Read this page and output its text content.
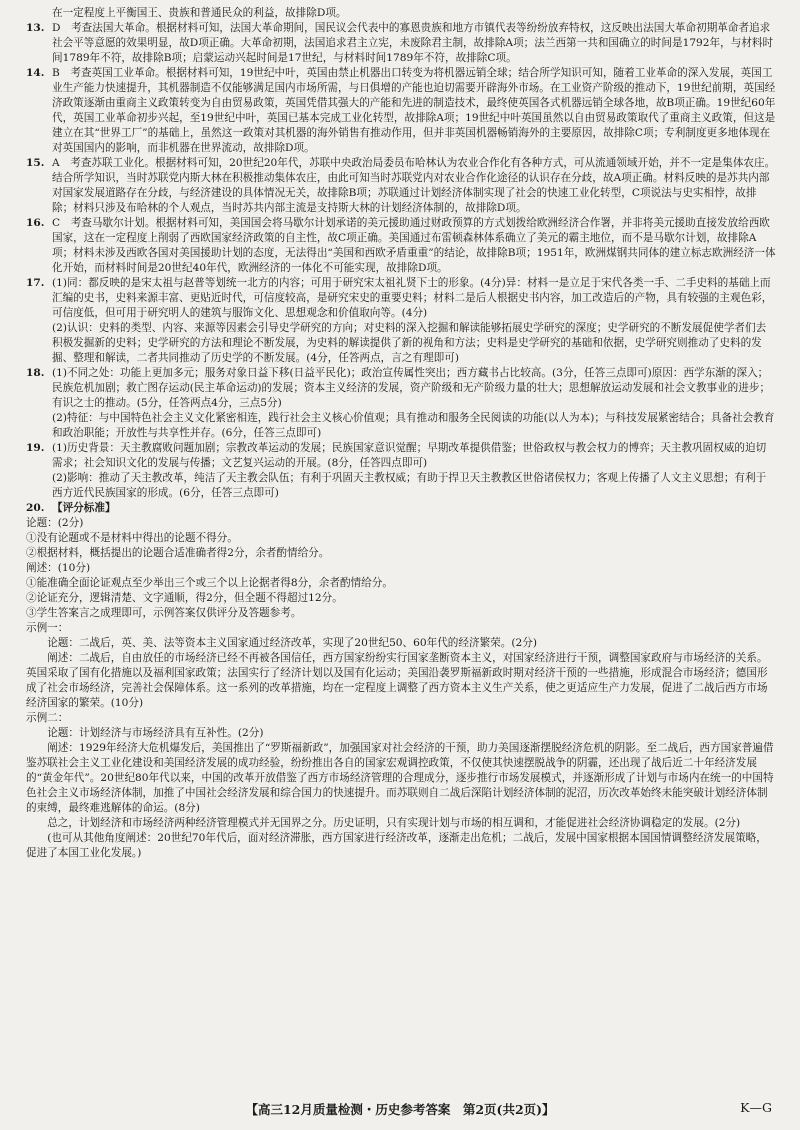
在一定程度上平衡国王、贵族和普通民众的利益，故排除D项。
13. D　考查法国大革命。根据材料可知，法国大革命期间，国民议会代表中的寡恩贵族和地方市镇代表等纷纷放弃特权，这反映出法国大革命初期革命者追求社会平等意愿的效果明显，故D项正确。大革命初期，法国追求君主立宪，未废除君主制，故排除A项；法兰西第一共和国确立的时间是1792年，与材料时间1789年不符，故排除B项；启蒙运动兴起时间是17世纪，与材料时间1789年不符，故排除C项。
14. B　考查英国工业革命。根据材料可知，19世纪中叶，英国由禁止机器出口转变为将机器远销全球；结合所学知识可知，随着工业革命的深入发展，英国工业生产能力快速提升，其机器制造不仅能够满足国内市场所需，与日俱增的产能也迫切需要开辟海外市场。在工业资产阶级的推动下，19世纪前期，英国经济政策逐渐由重商主义政策转变为自由贸易政策，英国凭借其强大的产能和先进的制造技术，最终使英国各式机器远销全球各地，故B项正确。19世纪60年代，英国工业革命初步兴起，至19世纪中叶，英国已基本完成工业化转型，故排除A项；19世纪中叶英国虽然以自由贸易政策取代了重商主义政策，但这是建立在其“世界工厂”的基础上，虽然这一政策对其机器的海外销售有推动作用，但并非英国机器畅销海外的主要原因，故排除C项；专利制度更多地体现在对英国国内的影响，而非机器在世界流动，故排除D项。
15. A　考查苏联工业化。根据材料可知，20世纪20年代，苏联中央政治局委员布哈林认为农业合作化有各种方式，可从流通领域开始，并不一定是集体农庄。结合所学知识，当时苏联党内斯大林在积极推动集体农庄，由此可知当时苏联党内对农业合作化途径的认识存在分歧，故A项正确。材料反映的是苏共内部对国家发展道路存在分歧，与经济建设的具体情况无关，故排除B项；苏联通过计划经济体制实现了社会的快速工业化转型，C项说法与史实相悖，故排除；材料只涉及布哈林的个人观点，当时苏共内部主流是支持斯大林的计划经济体制的，故排除D项。
16. C　考查马歇尔计划。根据材料可知，美国国会将马歇尔计划承诺的美元援助通过财政预算的方式划拨给欧洲经济合作署，并非将美元援助直接发放给西欧国家，这在一定程度上削弱了西欧国家经济政策的自主性，故C项正确。美国通过布雷顿森林体系确立了美元的霸主地位，而不是马歇尔计划，故排除A项；材料未涉及西欧各国对美国援助计划的态度，无法得出“美国和西欧矛盾重重”的结论，故排除B项；1951年，欧洲煤钢共同体的建立标志欧洲经济一体化开始，而材料时间是20世纪40年代，欧洲经济的一体化不可能实现，故排除D项。
17. (1)同：都反映的是宋太祖与赵普等划统一北方的内容；可用于研究宋太祖礼贤下士的形象。(4分)异：材料一是立足于宋代各类一手、二手史料的基础上而汇编的史书，史料来源丰富、更贴近时代，可信度较高，是研究宋史的重要史料；材料二是后人根据史书内容，加工改造后的产物，具有较强的主观色彩，可信度低，但可用于研究明人的建筑与服饰文化、思想观念和价值取向等。(4分)
(2)认识：史料的类型、内容、来源等因素会引导史学研究的方向；对史料的深入挖掘和解读能够拓展史学研究的深度；史学研究的不断发展促使学者们去积极发掘新的史料；史学研究的方法和理论不断发展，为史料的解读提供了新的视角和方法；史料是史学研究的基础和依据，史学研究则推动了史料的发掘、整理和解读，二者共同推动了历史学的不断发展。(4分，任答两点，言之有理即可)
18. (1)不同之处：功能上更加多元；服务对象日益下移(日益平民化)；政治宣传属性突出；西方藏书占比较高。(3分，任答三点即可)原因：西学东渐的深入；民族危机加剧；救亡图存运动(民主革命运动)的发展；资本主义经济的发展，资产阶级和无产阶级力量的壮大；思想解放运动发展和社会文教事业的进步；有识之士的推动。(5分，任答两点4分，三点5分)
(2)特征：与中国特色社会主义文化紧密相连，践行社会主义核心价值观；具有推动和服务全民阅读的功能(以人为本)；与科技发展紧密结合；具备社会教育和政治职能；开放性与共享性并存。(6分，任答三点即可)
19. (1)历史背景：天主教腐败问题加剧；宗教改革运动的发展；民族国家意识觉醒；早期改革提供借鉴；世俗政权与教会权力的博弈；天主教巩固权威的迫切需求；社会知识文化的发展与传播；文艺复兴运动的开展。(8分，任答四点即可)
(2)影响：推动了天主教改革，纯洁了天主教会队伍；有利于巩固天主教权威；有助于捍卫天主教教区世俗诸侯权力；客观上传播了人文主义思想；有利于西方近代民族国家的形成。(6分，任答三点即可)
20. 【评分标准】
论题：(2分)
①没有论题或不是材料中得出的论题不得分。
②根据材料，概括提出的论题合适准确者得2分，余者酌情给分。
阐述：(10分)
①能准确全面论证观点至少举出三个或三个以上论据者得8分，余者酌情给分。
②论证充分，逻辑清楚、文字通顺，得2分，但全题不得超过12分。
③学生答案言之成理即可，示例答案仅供评分及答题参考。
示例一：
论题：二战后，英、美、法等资本主义国家通过经济改革，实现了20世纪50、60年代的经济繁荣。(2分)
阐述：二战后，自由放任的市场经济已经不再被各国信任，西方国家纷纷实行国家垄断资本主义，对国家经济进行干预，调整国家政府与市场经济的关系。英国采取了国有化措施以及福利国家政策；法国实行了经济计划以及国有化运动；美国沿袭罗斯福新政时期对经济干预的一些措施，形成混合市场经济；德国形成了社会市场经济，完善社会保障体系。这一系列的改革措施，均在一定程度上调整了西方资本主义生产关系，使之更适应生产力发展，促进了二战后西方市场经济国家的繁荣。(10分)
示例二：
论题：计划经济与市场经济具有互补性。(2分)
阐述：1929年经济大危机爆发后，美国推出了“罗斯福新政”，加强国家对社会经济的干预，助力美国逐渐摆脱经济危机的阴影。至二战后，西方国家普遍借鉴苏联社会主义工业化建设和美国经济发展的成功经验，纷纷推出各自的国家宏观调控政策，不仅使其快速摆脱战争的阴霾，还出现了战后近二十年经济发展的“黄金年代”。20世纪80年代以来，中国的改革开放借鉴了西方市场经济管理的合理成分，逐步推行市场发展模式，并逐渐形成了计划与市场内在统一的中国特色社会主义市场经济体制，加推了中国社会经济发展和综合国力的快速提升。而苏联则自二战后深陷计划经济体制的泥沼，历次改革始终未能突破计划经济体制的束缚，最终难逃解体的命运。(8分)
总之，计划经济和市场经济两种经济管理模式并无国界之分。历史证明，只有实现计划与市场的相互调和，才能促进社会经济协调稳定的发展。(2分)
(也可从其他角度阐述：20世纪70年代后，面对经济滞胀，西方国家进行经济改革，逐渐走出危机；二战后，发展中国家根据本国国情调整经济发展策略，促进了本国工业化发展。)
【高三12月质量检测・历史参考答案　第2页(共2页)】	K—G
